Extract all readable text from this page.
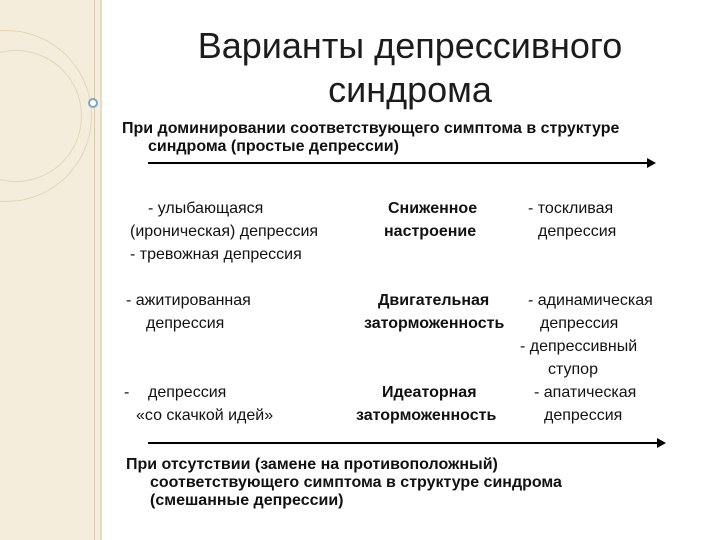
Варианты депрессивного
синдрома
При доминировании соответствующего симптома в структуре
синдрома (простые депрессии)
- улыбающаяся
(ироническая) депрессия
- тревожная депрессия
Сниженное
настроение
- тоскливая
депрессия
- ажитированная
депрессия
Двигательная
заторможенность
- адинамическая
депрессия
- депрессивный
ступор
- депрессия
«со скачкой идей»
Идеаторная
заторможенность
- апатическая
депрессия
При отсутствии (замене на противоположный)
соответствующего симптома в структуре синдрома
(смешанные депрессии)
